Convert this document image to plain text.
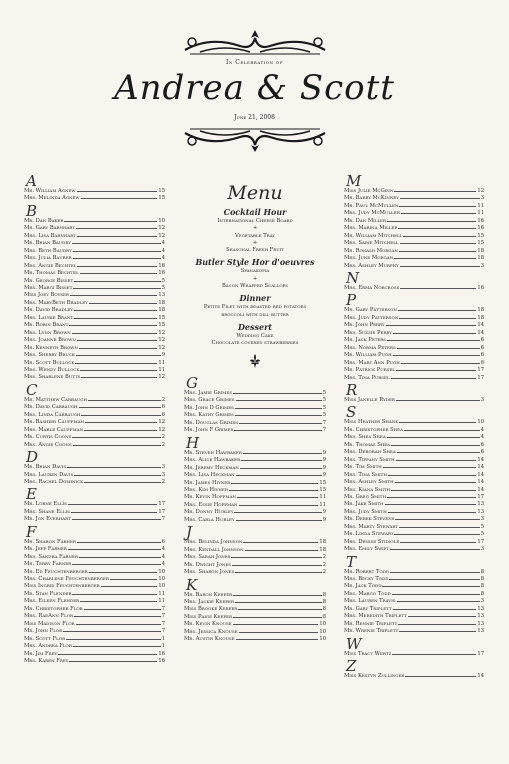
In Celebration of
Andrea & Scott
June 21, 2008
A
Mr. William Agnew	15
Mrs. Melinda Agnew	15
B
Mr. Dan Baker	10
Mr. Gary Barnhart	12
Mrs. Lisa Barnhart	12
Mr. Brian Baudry	4
Mrs. Beth Baudry	4
Mrs. Julia Baurer	4
Mrs. Angie Bechtel	16
Mr. Thomas Bechtel	16
Mr. George Bisset	5
Mrs. Margi Bisset	5
Miss Joey Boyser	13
Mrs. MaryBeth Bradley	18
Mr. David Bradley	18
Mrs. Laurie Brant	15
Mr. Robin Brant	15
Mrs. Lynn Brown	12
Mrs. Joanne Brown	12
Mr. Kenneth Brown	12
Mrs. Sherry Bruck	9
Mr. Scott Bullock	11
Mrs. Wendy Bullock	11
Mrs. Sharlene Butts	12
C
Mr. Matthew Carbaugh	2
Mr. David Carbaugh	6
Mrs. Linda Carbaugh	6
Mr. Bashier Cauffman	12
Mrs. Marle Cauffman	12
Mr. Curtis Coons	2
Mrs. Angie Coons	2
D
Mr. Brian Davis	3
Mrs. Lauren Davis	3
Mrs. Rachel Dominick	2
E
Mr. Lorne Ellis	17
Mrs. Shane Ellis	17
Mr. Jon Everhart	7
F
Mr. Sharon Farner	6
Mr. Jeff Farner	4
Mrs. Sandra Farner	4
Mr. Terry Farner	4
Mr. Ed Feuchtenberger	10
Mrs. Charlene Feuchtenberger	10
Miss Ingrid Feuchtenberger	10
Mr. Stan Flender	11
Mrs. Eileen Flender	11
Mr. Christopher Flor	7
Mrs. RaeAnn Flor	7
Miss Madison Flor	7
Mr. John Flor	7
Mr. Scott Flor	1
Mrs. Andrea Flor	1
Mr. Jim Frey	16
Mrs. Karen Frey	16
Menu
Cocktail Hour
International Cheese Board
+
Vegetable Tray
+
Seasonal Fresh Fruit
Butler Style Hor d'oeuvres
Spanakopia
+
Bacon Wrapped Scallops
Dinner
Petite Filet with roasted red potatoes
broccoli with dill butter
Dessert
Wedding Cake
Chocolate covered strawberries
G
Mrs. Jamie Grimes	5
Mrs. Grace Grimes	5
Mr. John D Grimes	5
Mrs. Kathy Grimes	5
Mr. Douglas Grimes	7
Mr. John F Grimes	7
H
Mr. Steven Hawbaker	9
Mrs. Alice Hawbaker	9
Mr. Jeremy Heckman	9
Mrs. Lisa Heckman	9
Mr. James Hiyner	15
Mrs. Kim Hivner	15
Mr. Kevin Hoffman	11
Mrs. Essie Hoffman	11
Mr. Donny Hurley	9
Mrs. Carla Hurley	9
J
Mrs. Belinda Johnson	18
Mrs. Kendall Johnson	18
Mrs. Sarah Jones	2
Mr. Dwight Jones	2
Mrs. Sharon Jones	2
K
Mr. Baron Keefer	8
Mrs. Jackie Keefer	8
Miss Brooke Keefer	8
Miss Paige Keefer	8
Mr. Kevin Knouse	10
Mrs. Jessica Knouse	10
Mr. Austin Knouse	10
M
Miss Julie McGinn	12
Mr. Barry McKinney	3
Mr. Paul McMullen	11
Mrs. Judy McMullen	11
Mr. Dan Miller	16
Mrs. Marina Miller	16
Mr. William Mitchell	15
Mrs. Sadie Mitchell	15
Mr. Ronald Morgan	18
Mrs. June Morgan	18
Mrs. Ashley Murphy	3
N
Mrs. Erma Norcross	16
P
Mr. Gary Patterson	18
Mrs. Judy Patterson	18
Mr. John Perry	14
Mrs. Suzzie Perry	14
Mr. Jack Peters	6
Mrs. Norma Peters	6
Mr. William Pugh	6
Mrs. Mary Ann Pugh	6
Mr. Patrick Pursel	17
Mrs. Tina Pursel	17
R
Miss Janelle Ryder	3
S
Miss Heather Shank	10
Mr. Christopher Shea	4
Mrs. Shea Shea	4
Mr. Thomas Shea	6
Mrs. Deborah Shea	6
Mrs. Tiffany Smith	14
Mr. Tim Smith	14
Mrs. Tina Smith	14
Mrs. Ashley Smith	14
Mrs. Kiana Smith	14
Mr. Greg Smith	17
Mr. Jake Smith	13
Mrs. Judy Smith	13
Mr. Derek Stevens	3
Mrs. Marty Stewart	5
Mr. Linda Stewart	5
Mrs. Denise Stidiole	17
Mrs. Emily Swift	3
T
Mr. Robert Todd	8
Mrs. Becky Todd	8
Mr. Jack Todd	8
Mrs. Margo Todd	8
Mrs. Lauren Travis	3
Mr. Gary Triplett	13
Mrs. Meredith Triplett	13
Mr. Rennie Triplett	13
Mr. Wrenie Triplett	13
W
Miss Tracy Wertz	17
Z
Miss Kestyn Zullinger	14
